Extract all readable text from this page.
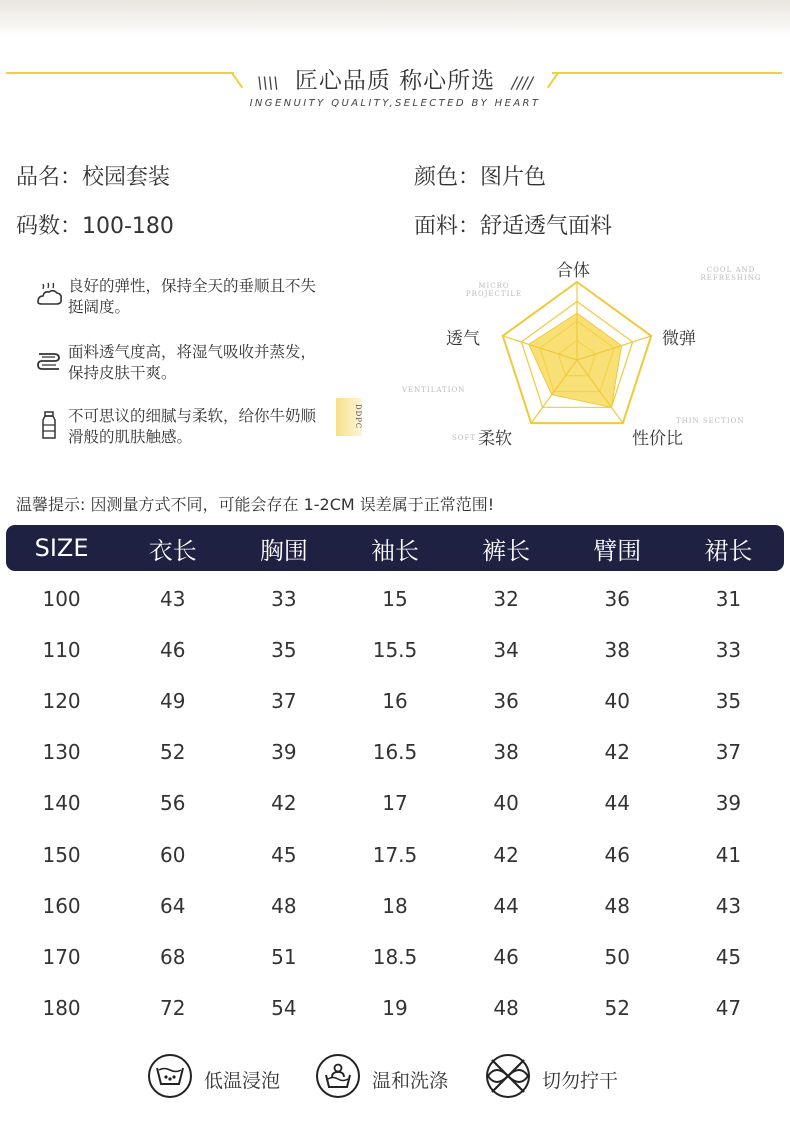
\\\\ 匠心品质 称心所选 ////
INGENUITY QUALITY,SELECTED BY HEART
品名：校园套装	颜色：图片色
码数：100-180	面料：舒适透气面料
良好的弹性，保持全天的垂顺且不失挺阔度。
面料透气度高，将湿气吸收并蒸发，保持皮肤干爽。
不可思议的细腻与柔软，给你牛奶顺滑般的肌肤触感。
合体
微弹
性价比
柔软
透气
MICRO PROJECTILE
COOL AND REFRESHING
VENTILATION
THIN SECTION
SOFT
DDPC
温馨提示: 因测量方式不同，可能会存在 1-2CM 误差属于正常范围!
SIZE	衣长	胸围	袖长	裤长	臂围	裙长
100	43	33	15	32	36	31
110	46	35	15.5	34	38	33
120	49	37	16	36	40	35
130	52	39	16.5	38	42	37
140	56	42	17	40	44	39
150	60	45	17.5	42	46	41
160	64	48	18	44	48	43
170	68	51	18.5	46	50	45
180	72	54	19	48	52	47
低温浸泡	温和洗涤	切勿拧干
